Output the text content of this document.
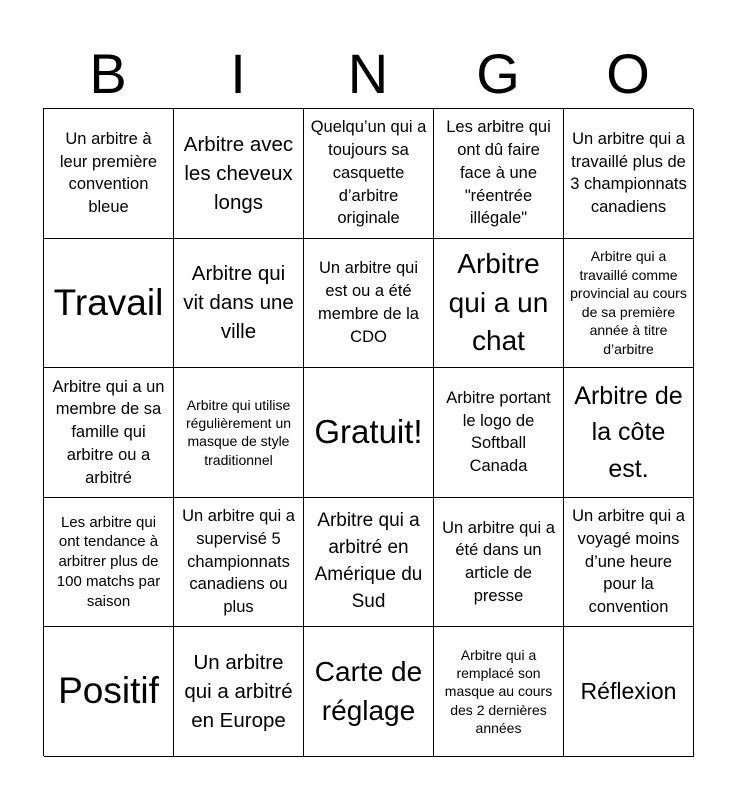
B	I	N	G	O
Un arbitre à leur première convention bleue
Arbitre avec les cheveux longs
Quelqu’un qui a toujours sa casquette d’arbitre originale
Les arbitre qui ont dû faire face à une "réentrée illégale"
Un arbitre qui a travaillé plus de 3 championnats canadiens
Travail
Arbitre qui vit dans une ville
Un arbitre qui est ou a été membre de la CDO
Arbitre qui a un chat
Arbitre qui a travaillé comme provincial au cours de sa première année à titre d’arbitre
Arbitre qui a un membre de sa famille qui arbitre ou a arbitré
Arbitre qui utilise régulièrement un masque de style traditionnel
Gratuit!
Arbitre portant le logo de Softball Canada
Arbitre de la côte est.
Les arbitre qui ont tendance à arbitrer plus de 100 matchs par saison
Un arbitre qui a supervisé 5 championnats canadiens ou plus
Arbitre qui a arbitré en Amérique du Sud
Un arbitre qui a été dans un article de presse
Un arbitre qui a voyagé moins d’une heure pour la convention
Positif
Un arbitre qui a arbitré en Europe
Carte de réglage
Arbitre qui a remplacé son masque au cours des 2 dernières années
Réflexion
